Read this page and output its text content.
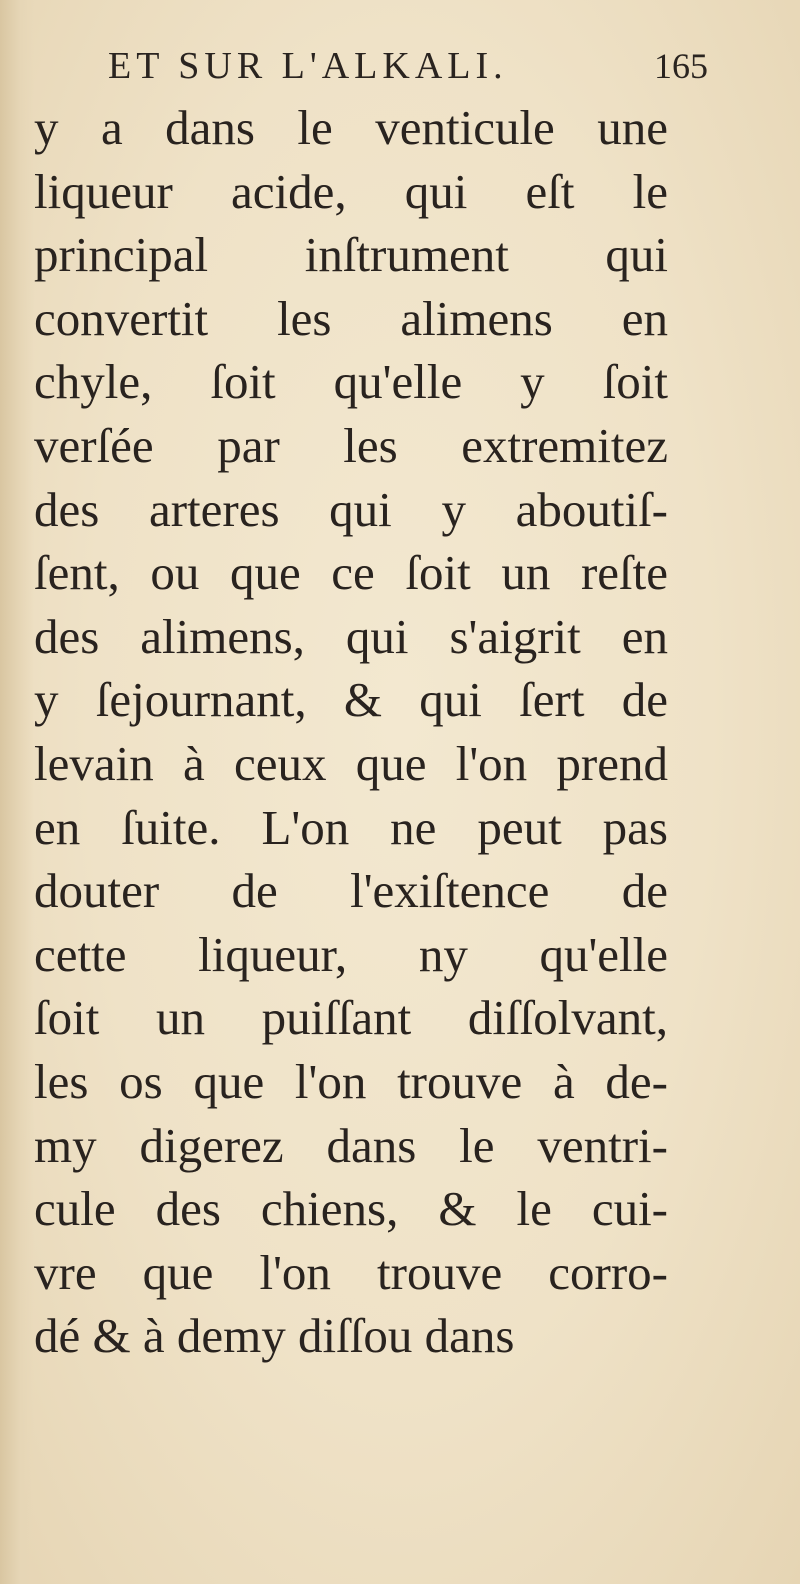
ET SUR L'ALKALI.	165
y a dans le venticule une
liqueur acide, qui eſt le
principal inſtrument qui
convertit les alimens en
chyle, ſoit qu'elle y ſoit
verſée par les extremitez
des arteres qui y aboutiſ-
ſent, ou que ce ſoit un reſte
des alimens, qui s'aigrit en
y ſejournant, & qui ſert de
levain à ceux que l'on prend
en ſuite. L'on ne peut pas
douter de l'exiſtence de
cette liqueur, ny qu'elle
ſoit un puiſſant diſſolvant,
les os que l'on trouve à de-
my digerez dans le ventri-
cule des chiens, & le cui-
vre que l'on trouve corro-
dé & à demy diſſou dans
